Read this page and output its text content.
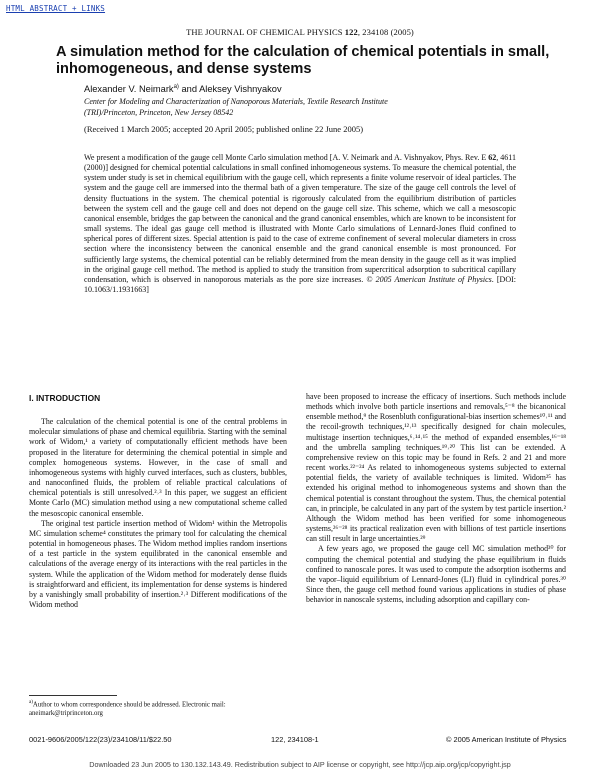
HTML ABSTRACT + LINKS
THE JOURNAL OF CHEMICAL PHYSICS 122, 234108 (2005)
A simulation method for the calculation of chemical potentials in small, inhomogeneous, and dense systems
Alexander V. Neimark$^{a)}$ and Aleksey Vishnyakov
Center for Modeling and Characterization of Nanoporous Materials, Textile Research Institute
(TRI)/Princeton, Princeton, New Jersey 08542
(Received 1 March 2005; accepted 20 April 2005; published online 22 June 2005)
We present a modification of the gauge cell Monte Carlo simulation method [A. V. Neimark and A. Vishnyakov, Phys. Rev. E 62, 4611 (2000)] designed for chemical potential calculations in small confined inhomogeneous systems. To measure the chemical potential, the system under study is set in chemical equilibrium with the gauge cell, which represents a finite volume reservoir of ideal particles. The system and the gauge cell are immersed into the thermal bath of a given temperature. The size of the gauge cell controls the level of density fluctuations in the system. The chemical potential is rigorously calculated from the equilibrium distribution of particles between the system cell and the gauge cell and does not depend on the gauge cell size. This scheme, which we call a mesoscopic canonical ensemble, bridges the gap between the canonical and the grand canonical ensembles, which are known to be inconsistent for small systems. The ideal gas gauge cell method is illustrated with Monte Carlo simulations of Lennard-Jones fluid confined to spherical pores of different sizes. Special attention is paid to the case of extreme confinement of several molecular diameters in cross section where the inconsistency between the canonical ensemble and the grand canonical ensemble is most pronounced. For sufficiently large systems, the chemical potential can be reliably determined from the mean density in the gauge cell as it was implied in the original gauge cell method. The method is applied to study the transition from supercritical adsorption to subcritical capillary condensation, which is observed in nanoporous materials as the pore size increases. © 2005 American Institute of Physics. [DOI: 10.1063/1.1931663]

I. INTRODUCTION

The calculation of the chemical potential is one of the central problems in molecular simulations of phase and chemical equilibria. Starting with the seminal work of Widom,¹ a variety of computationally efficient methods have been proposed in the literature for determining the chemical potential in simple and complex homogeneous systems. However, in the case of small and inhomogeneous systems with highly curved interfaces, such as clusters, bubbles, and nanoconfined fluids, the problem of reliable practical calculations of chemical potentials is still unresolved.²˒³ In this paper, we suggest an efficient Monte Carlo (MC) simulation method using a new computational scheme called the mesoscopic canonical ensemble.

The original test particle insertion method of Widom¹ within the Metropolis MC simulation scheme⁴ constitutes the primary tool for calculating the chemical potential in homogeneous phases. The Widom method implies random insertions of a test particle in the system equilibrated in the canonical ensemble and calculations of the average energy of its interactions with the real particles in the system. While the application of the Widom method for moderately dense fluids is straightforward and efficient, its implementation for dense systems is hindered by a vanishingly small probability of insertion.²˒³ Different modifications of the Widom method

have been proposed to increase the efficacy of insertions. Such methods include methods which involve both particle insertions and removals,⁵⁻⁸ the bicanonical ensemble method,⁹ the Rosenbluth configurational-bias insertion schemes¹⁰˒¹¹ and the recoil-growth techniques,¹²˒¹³ specifically designed for chain molecules, multistage insertion techniques,⁶˒¹⁴˒¹⁵ the method of expanded ensembles,¹⁶⁻¹⁸ and the umbrella sampling techniques.¹⁹˒²⁰ This list can be extended. A comprehensive review on this topic may be found in Refs. 2 and 21 and more recent works.²²⁻²⁴ As related to inhomogeneous systems subjected to external potential fields, the variety of available techniques is limited. Widom²⁵ has extended his original method to inhomogeneous systems and shown than the chemical potential is constant throughout the system. Thus, the chemical potential can, in principle, be calculated in any part of the system by test particle insertion.² Although the Widom method has been verified for some inhomogeneous systems,²⁶⁻²⁸ its practical realization even with billions of test particle insertions can still result in large uncertainties.²⁹

A few years ago, we proposed the gauge cell MC simulation method³⁰ for computing the chemical potential and studying the phase equilibrium in fluids confined to nanoscale pores. It was used to compute the adsorption isotherms and the vapor–liquid equilibrium of Lennard-Jones (LJ) fluid in cylindrical pores.³⁰ Since then, the gauge cell method found various applications in studies of phase behavior in nanoscale systems, including adsorption and capillary con-

$^{a)}$Author to whom correspondence should be addressed. Electronic mail: aneimark@triprinceton.org
0021-9606/2005/122(23)/234108/11/$22.50	122, 234108-1	© 2005 American Institute of Physics
Downloaded 23 Jun 2005 to 130.132.143.49. Redistribution subject to AIP license or copyright, see http://jcp.aip.org/jcp/copyright.jsp
